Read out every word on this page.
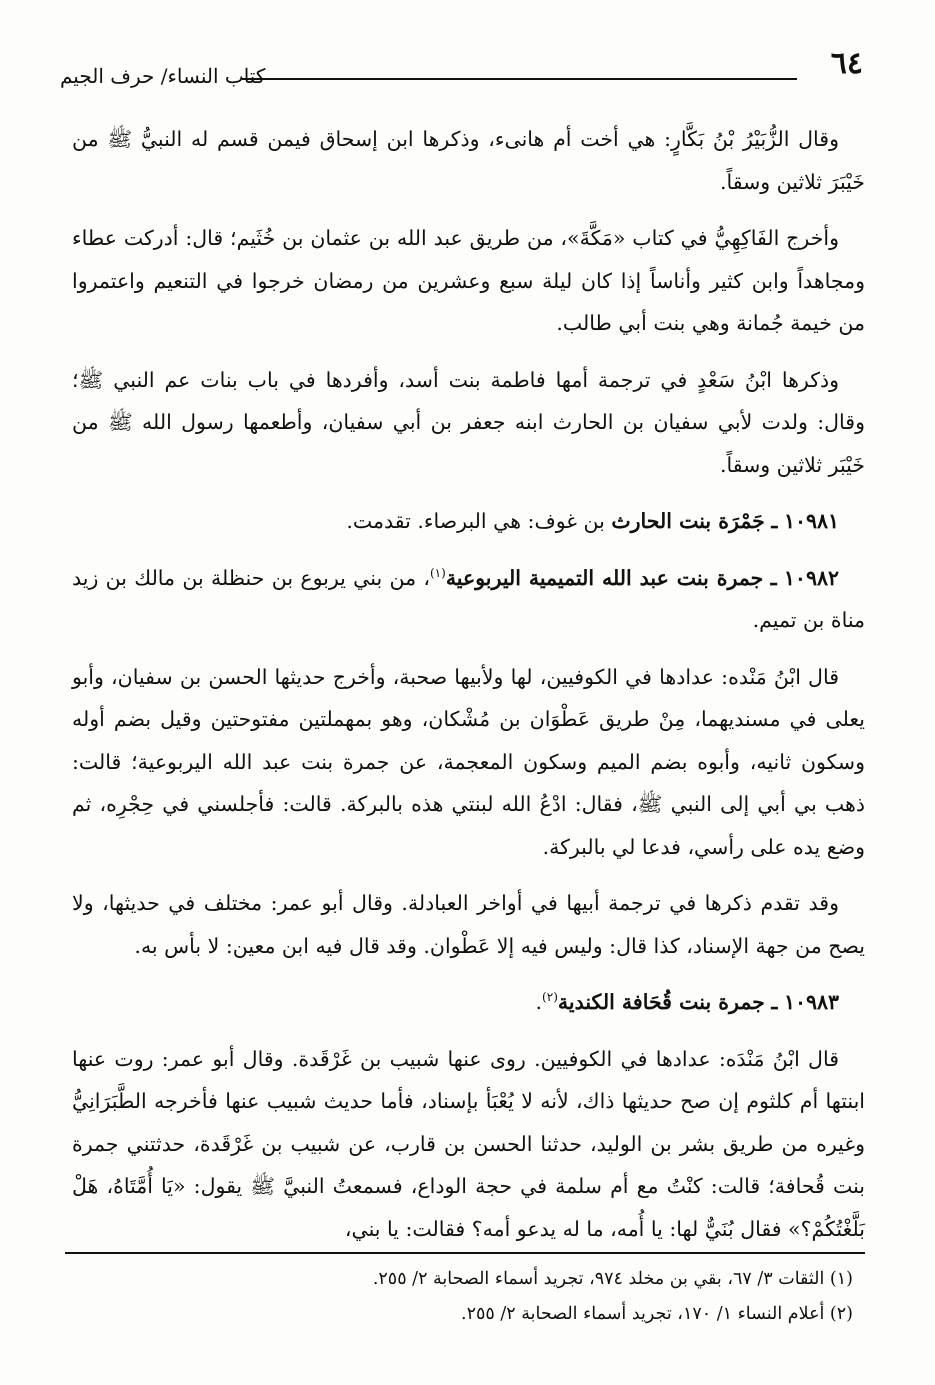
٦٤
كتاب النساء/ حرف الجيم

وقال الزُّبَيْرُ بْنُ بَكَّارٍ: هي أخت أم هانىء، وذكرها ابن إسحاق فيمن قسم له النبيُّ ﷺ من خَيْبَرَ ثلاثين وسقاً.

وأخرج الفَاكِهِيُّ في كتاب «مَكَّةَ»، من طريق عبد الله بن عثمان بن خُثَيم؛ قال: أدركت عطاء ومجاهداً وابن كثير وأناساً إذا كان ليلة سبع وعشرين من رمضان خرجوا في التنعيم واعتمروا من خيمة جُمانة وهي بنت أبي طالب.

وذكرها ابْنُ سَعْدٍ في ترجمة أمها فاطمة بنت أسد، وأفردها في باب بنات عم النبي ﷺ؛ وقال: ولدت لأبي سفيان بن الحارث ابنه جعفر بن أبي سفيان، وأطعمها رسول الله ﷺ من خَيْبَر ثلاثين وسقاً.

١٠٩٨١ ـ جَمْرَة بنت الحارث بن غوف: هي البرصاء. تقدمت.

١٠٩٨٢ ـ جمرة بنت عبد الله التميمية اليربوعية$^{(١)}$، من بني يربوع بن حنظلة بن مالك بن زيد مناة بن تميم.

قال ابْنُ مَنْده: عدادها في الكوفيين، لها ولأبيها صحبة، وأخرج حديثها الحسن بن سفيان، وأبو يعلى في مسنديهما، مِنْ طريق عَطْوَان بن مُشْكان، وهو بمهملتين مفتوحتين وقيل بضم أوله وسكون ثانيه، وأبوه بضم الميم وسكون المعجمة، عن جمرة بنت عبد الله اليربوعية؛ قالت: ذهب بي أبي إلى النبي ﷺ، فقال: ادْعُ الله لبنتي هذه بالبركة. قالت: فأجلسني في حِجْرِه، ثم وضع يده على رأسي، فدعا لي بالبركة.

وقد تقدم ذكرها في ترجمة أبيها في أواخر العبادلة. وقال أبو عمر: مختلف في حديثها، ولا يصح من جهة الإسناد، كذا قال: وليس فيه إلا عَطْوان. وقد قال فيه ابن معين: لا بأس به.

١٠٩٨٣ ـ جمرة بنت قُحَافة الكندية$^{(٢)}$.

قال ابْنُ مَنْدَه: عدادها في الكوفيين. روى عنها شبيب بن غَرْقَدة. وقال أبو عمر: روت عنها ابنتها أم كلثوم إن صح حديثها ذاك، لأنه لا يُعْبَأ بإسناد، فأما حديث شبيب عنها فأخرجه الطَّبَرَانِيُّ وغيره من طريق بشر بن الوليد، حدثنا الحسن بن قارب، عن شبيب بن غَرْقَدة، حدثتني جمرة بنت قُحافة؛ قالت: كنْتُ مع أم سلمة في حجة الوداع، فسمعتُ النبيَّ ﷺ يقول: «يَا أُمَّتَاهُ، هَلْ بَلَّغْتُكُمْ؟» فقال بُنَيٌّ لها: يا أُمه، ما له يدعو أمه؟ فقالت: يا بني،

(١) الثقات ٣/ ٦٧، بقي بن مخلد ٩٧٤، تجريد أسماء الصحابة ٢/ ٢٥٥.

(٢) أعلام النساء ١/ ١٧٠، تجريد أسماء الصحابة ٢/ ٢٥٥.
